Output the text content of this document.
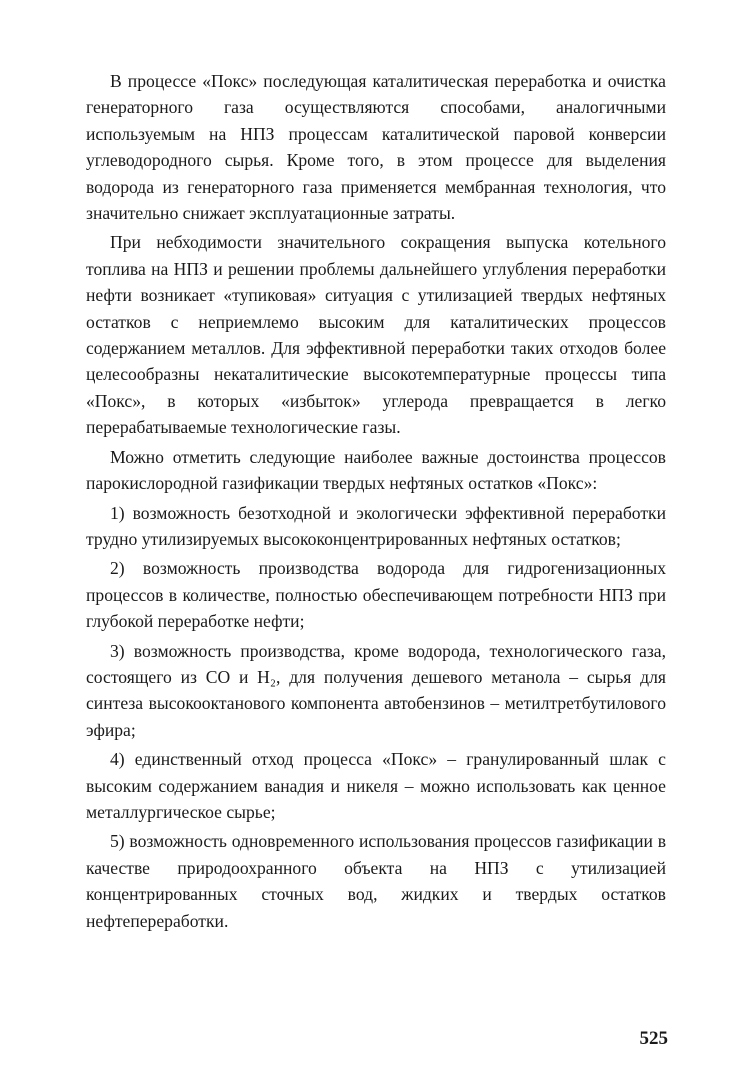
В процессе «Покс» последующая каталитическая переработка и очистка генераторного газа осуществляются способами, аналогичными используемым на НПЗ процессам каталитической паровой конверсии углеводородного сырья. Кроме того, в этом процессе для выделения водорода из генераторного газа применяется мембранная технология, что значительно снижает эксплуатационные затраты.

При небходимости значительного сокращения выпуска котельного топлива на НПЗ и решении проблемы дальнейшего углубления переработки нефти возникает «тупиковая» ситуация с утилизацией твердых нефтяных остатков с неприемлемо высоким для каталитических процессов содержанием металлов. Для эффективной переработки таких отходов более целесообразны некаталитические высокотемпературные процессы типа «Покс», в которых «избыток» углерода превращается в легко перерабатываемые технологические газы.

Можно отметить следующие наиболее важные достоинства процессов парокислородной газификации твердых нефтяных остатков «Покс»:

1) возможность безотходной и экологически эффективной переработки трудно утилизируемых высококонцентрированных нефтяных остатков;

2) возможность производства водорода для гидрогенизационных процессов в количестве, полностью обеспечивающем потребности НПЗ при глубокой переработке нефти;

3) возможность производства, кроме водорода, технологического газа, состоящего из СО и H₂, для получения дешевого метанола – сырья для синтеза высокооктанового компонента автобензинов – метилтретбутилового эфира;

4) единственный отход процесса «Покс» – гранулированный шлак с высоким содержанием ванадия и никеля – можно использовать как ценное металлургическое сырье;

5) возможность одновременного использования процессов газификации в качестве природоохранного объекта на НПЗ с утилизацией концентрированных сточных вод, жидких и твердых остатков нефтепереработки.

525
